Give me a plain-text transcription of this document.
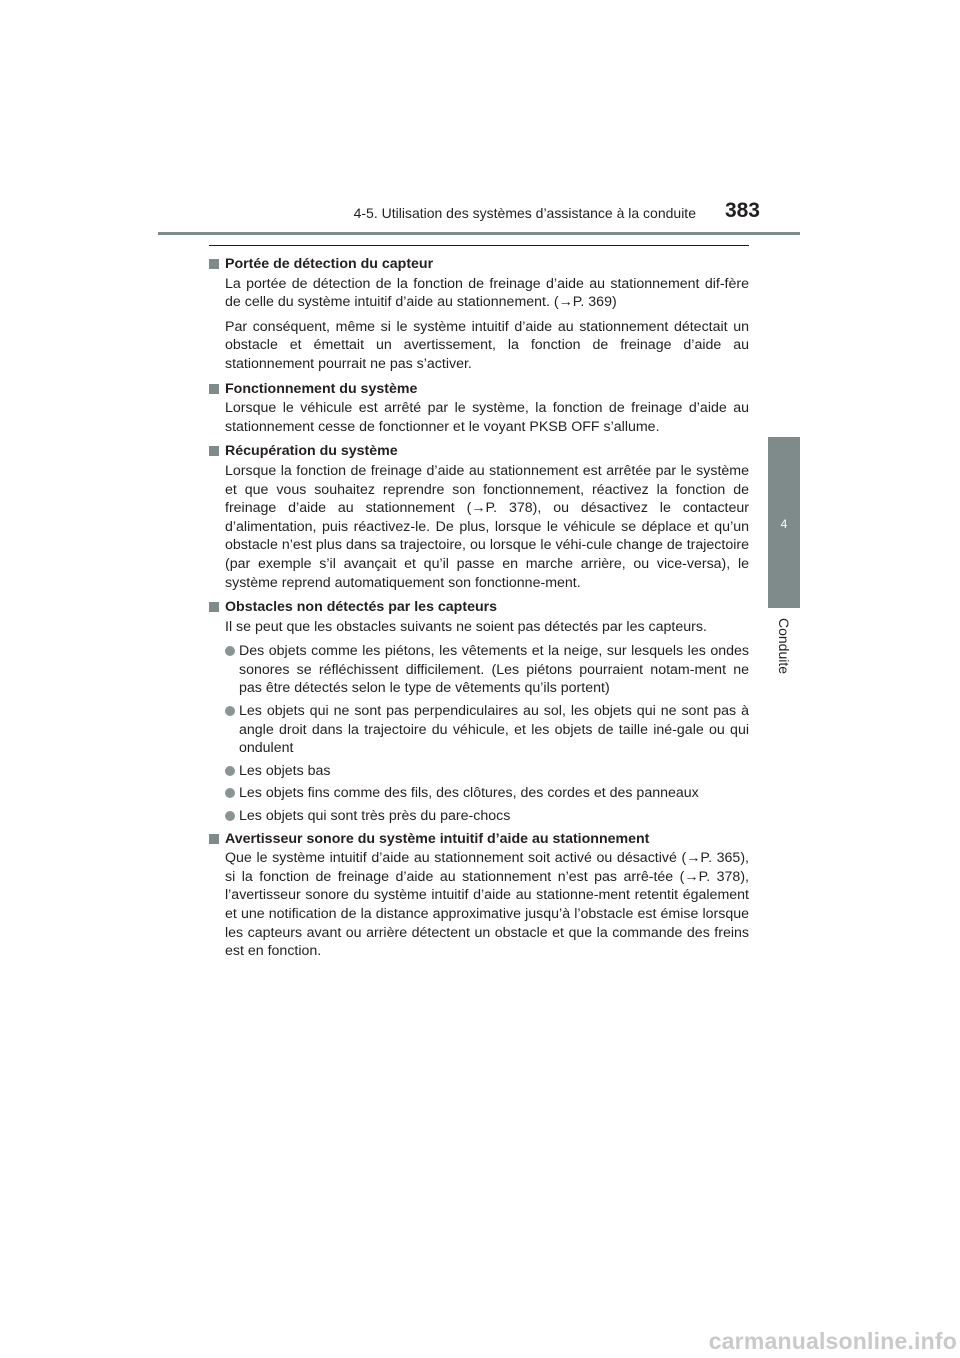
4-5. Utilisation des systèmes d’assistance à la conduite	383
4
Conduite
Portée de détection du capteur
La portée de détection de la fonction de freinage d’aide au stationnement dif-fère de celle du système intuitif d’aide au stationnement. (→P. 369)
Par conséquent, même si le système intuitif d’aide au stationnement détectait un obstacle et émettait un avertissement, la fonction de freinage d’aide au stationnement pourrait ne pas s’activer.
Fonctionnement du système
Lorsque le véhicule est arrêté par le système, la fonction de freinage d’aide au stationnement cesse de fonctionner et le voyant PKSB OFF s’allume.
Récupération du système
Lorsque la fonction de freinage d’aide au stationnement est arrêtée par le système et que vous souhaitez reprendre son fonctionnement, réactivez la fonction de freinage d’aide au stationnement (→P. 378), ou désactivez le contacteur d’alimentation, puis réactivez-le. De plus, lorsque le véhicule se déplace et qu’un obstacle n’est plus dans sa trajectoire, ou lorsque le véhi-cule change de trajectoire (par exemple s’il avançait et qu’il passe en marche arrière, ou vice-versa), le système reprend automatiquement son fonctionne-ment.
Obstacles non détectés par les capteurs
Il se peut que les obstacles suivants ne soient pas détectés par les capteurs.
Des objets comme les piétons, les vêtements et la neige, sur lesquels les ondes sonores se réfléchissent difficilement. (Les piétons pourraient notam-ment ne pas être détectés selon le type de vêtements qu’ils portent)
Les objets qui ne sont pas perpendiculaires au sol, les objets qui ne sont pas à angle droit dans la trajectoire du véhicule, et les objets de taille iné-gale ou qui ondulent
Les objets bas
Les objets fins comme des fils, des clôtures, des cordes et des panneaux
Les objets qui sont très près du pare-chocs
Avertisseur sonore du système intuitif d’aide au stationnement
Que le système intuitif d’aide au stationnement soit activé ou désactivé (→P. 365), si la fonction de freinage d’aide au stationnement n’est pas arrê-tée (→P. 378), l’avertisseur sonore du système intuitif d’aide au stationne-ment retentit également et une notification de la distance approximative jusqu’à l’obstacle est émise lorsque les capteurs avant ou arrière détectent un obstacle et que la commande des freins est en fonction.
carmanualsonline.info
